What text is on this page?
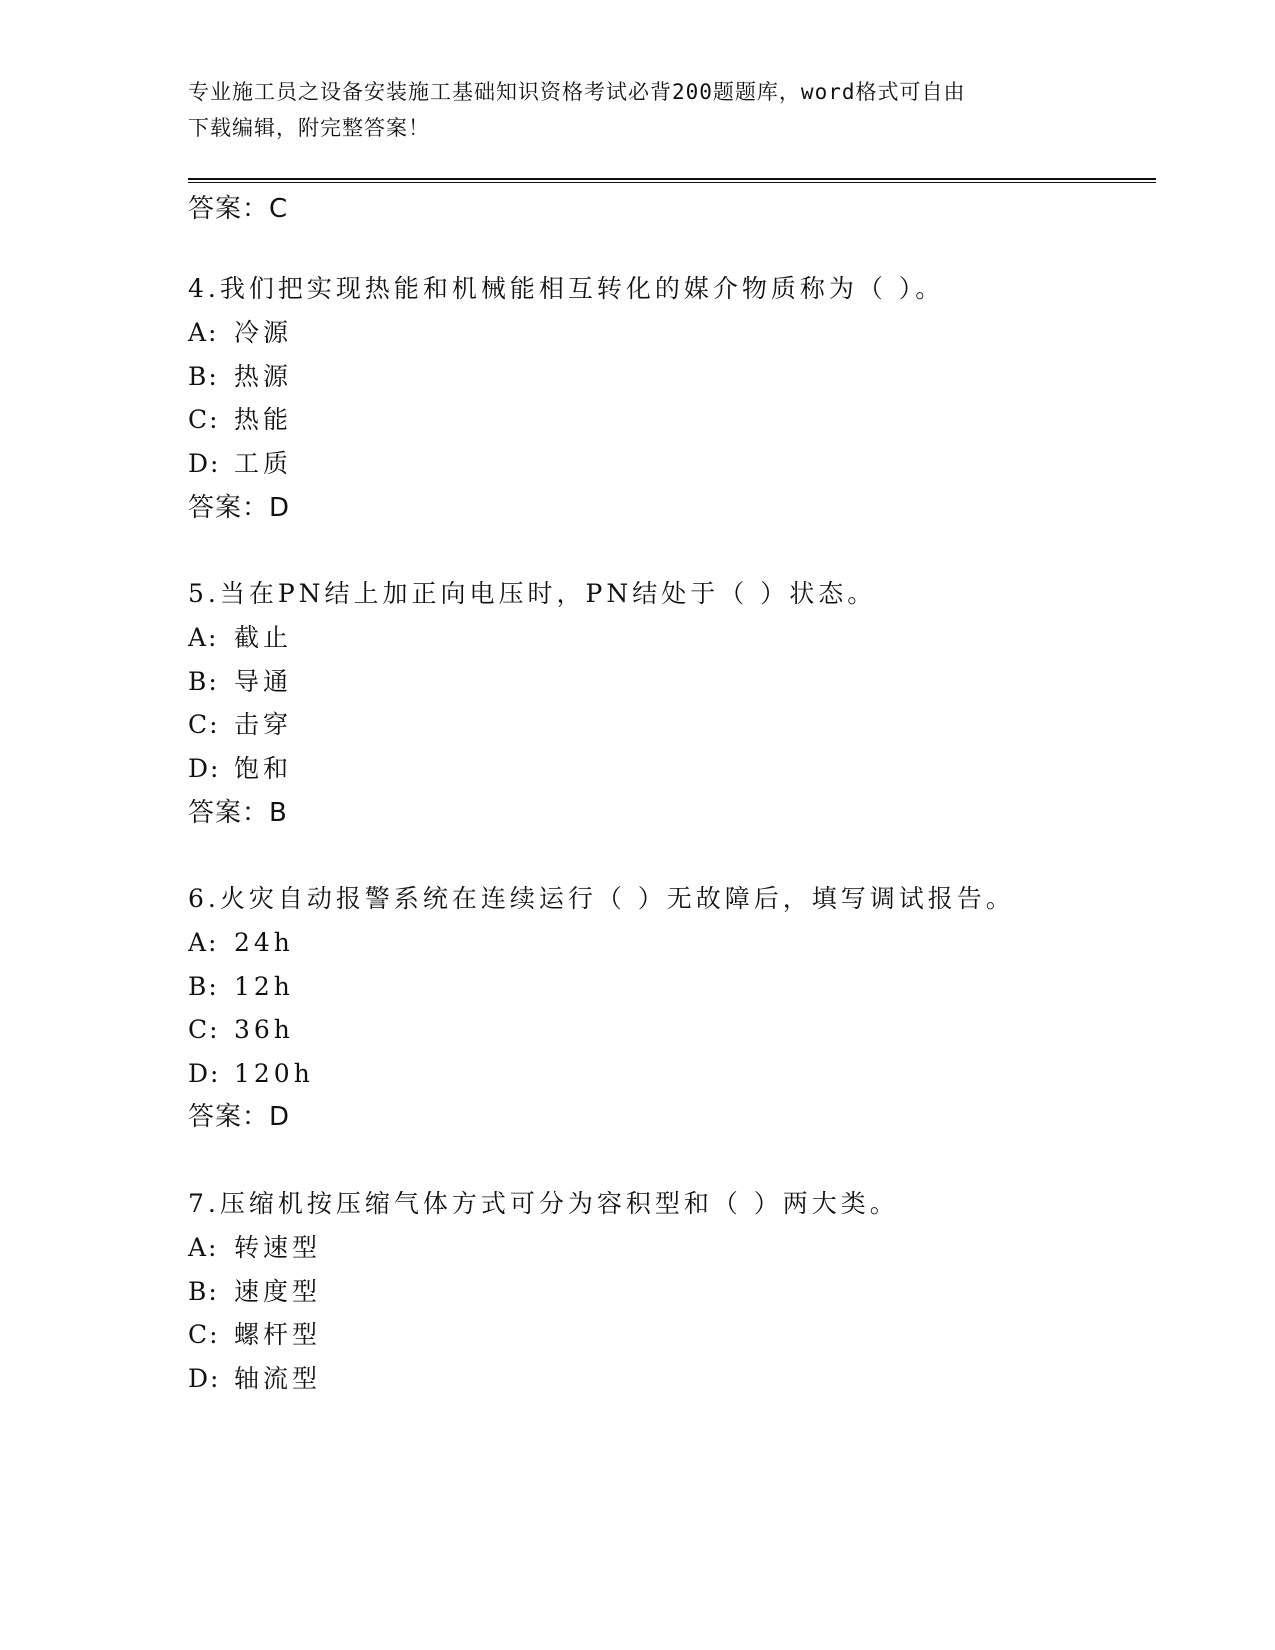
专业施工员之设备安装施工基础知识资格考试必背200题题库，word格式可自由
下载编辑，附完整答案！
答案：C
4.我们把实现热能和机械能相互转化的媒介物质称为（ ）。
A: 冷源
B: 热源
C: 热能
D: 工质
答案：D
5.当在PN结上加正向电压时，PN结处于（ ）状态。
A: 截止
B: 导通
C: 击穿
D: 饱和
答案：B
6.火灾自动报警系统在连续运行（ ）无故障后，填写调试报告。
A: 24h
B: 12h
C: 36h
D: 120h
答案：D
7.压缩机按压缩气体方式可分为容积型和（ ）两大类。
A: 转速型
B: 速度型
C: 螺杆型
D: 轴流型
